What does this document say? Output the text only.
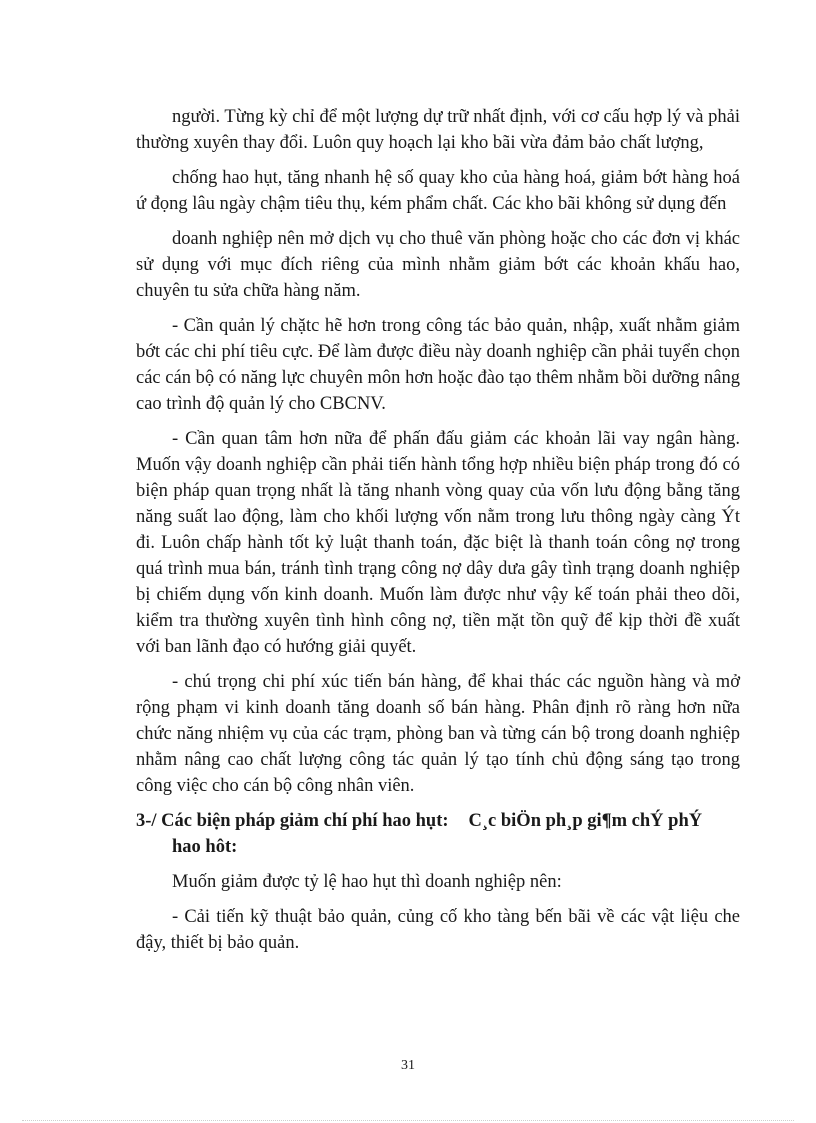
người. Từng kỳ chỉ để một lượng dự trữ nhất định, với cơ cấu hợp lý và phải thường xuyên thay đổi. Luôn quy hoạch lại kho bãi vừa đảm bảo chất lượng,

chống hao hụt, tăng nhanh hệ số quay kho của hàng hoá, giảm bớt hàng hoá ứ đọng lâu ngày chậm tiêu thụ, kém phẩm chất. Các kho bãi không sử dụng đến

doanh nghiệp nên mở dịch vụ cho thuê văn phòng hoặc cho các đơn vị khác sử dụng với mục đích riêng của mình nhằm giảm bớt các khoản khấu hao, chuyên tu sửa chữa hàng năm.

- Cần quản lý chặtc hẽ hơn trong công tác bảo quản, nhập, xuất nhằm giảm bớt các chi phí tiêu cực. Để làm được điều này doanh nghiệp cần phải tuyển chọn các cán bộ có năng lực chuyên môn hơn hoặc đào tạo thêm nhằm bồi dưỡng nâng cao trình độ quản lý cho CBCNV.

- Cần quan tâm hơn nữa để phấn đấu giảm các khoản lãi vay ngân hàng. Muốn vậy doanh nghiệp cần phải tiến hành tổng hợp nhiều biện pháp trong đó có biện pháp quan trọng nhất là tăng nhanh vòng quay của vốn lưu động bằng tăng năng suất lao động, làm cho khối lượng vốn nằm trong lưu thông ngày càng Ýt đi. Luôn chấp hành tốt kỷ luật thanh toán, đặc biệt là thanh toán công nợ trong quá trình mua bán, tránh tình trạng công nợ dây dưa gây tình trạng doanh nghiệp bị chiếm dụng vốn kinh doanh. Muốn làm được như vậy kế toán phải theo dõi, kiểm tra thường xuyên tình hình công nợ, tiền mặt tồn quỹ để kịp thời đề xuất với ban lãnh đạo có hướng giải quyết.

- chú trọng chi phí xúc tiến bán hàng, để khai thác các nguồn hàng và mở rộng phạm vi kinh doanh tăng doanh số bán hàng. Phân định rõ ràng hơn nữa chức năng nhiệm vụ của các trạm, phòng ban và từng cán bộ trong doanh nghiệp nhằm nâng cao chất lượng công tác quản lý tạo tính chủ động sáng tạo trong công việc cho cán bộ công nhân viên.

3-/ Các biện pháp giảm chí phí hao hụt: C¸c biÖn ph¸p gi¶m chÝ phÝ
hao hôt:

Muốn giảm được tỷ lệ hao hụt thì doanh nghiệp nên:

- Cải tiến kỹ thuật bảo quản, củng cố kho tàng bến bãi về các vật liệu che đậy, thiết bị bảo quản.

31
